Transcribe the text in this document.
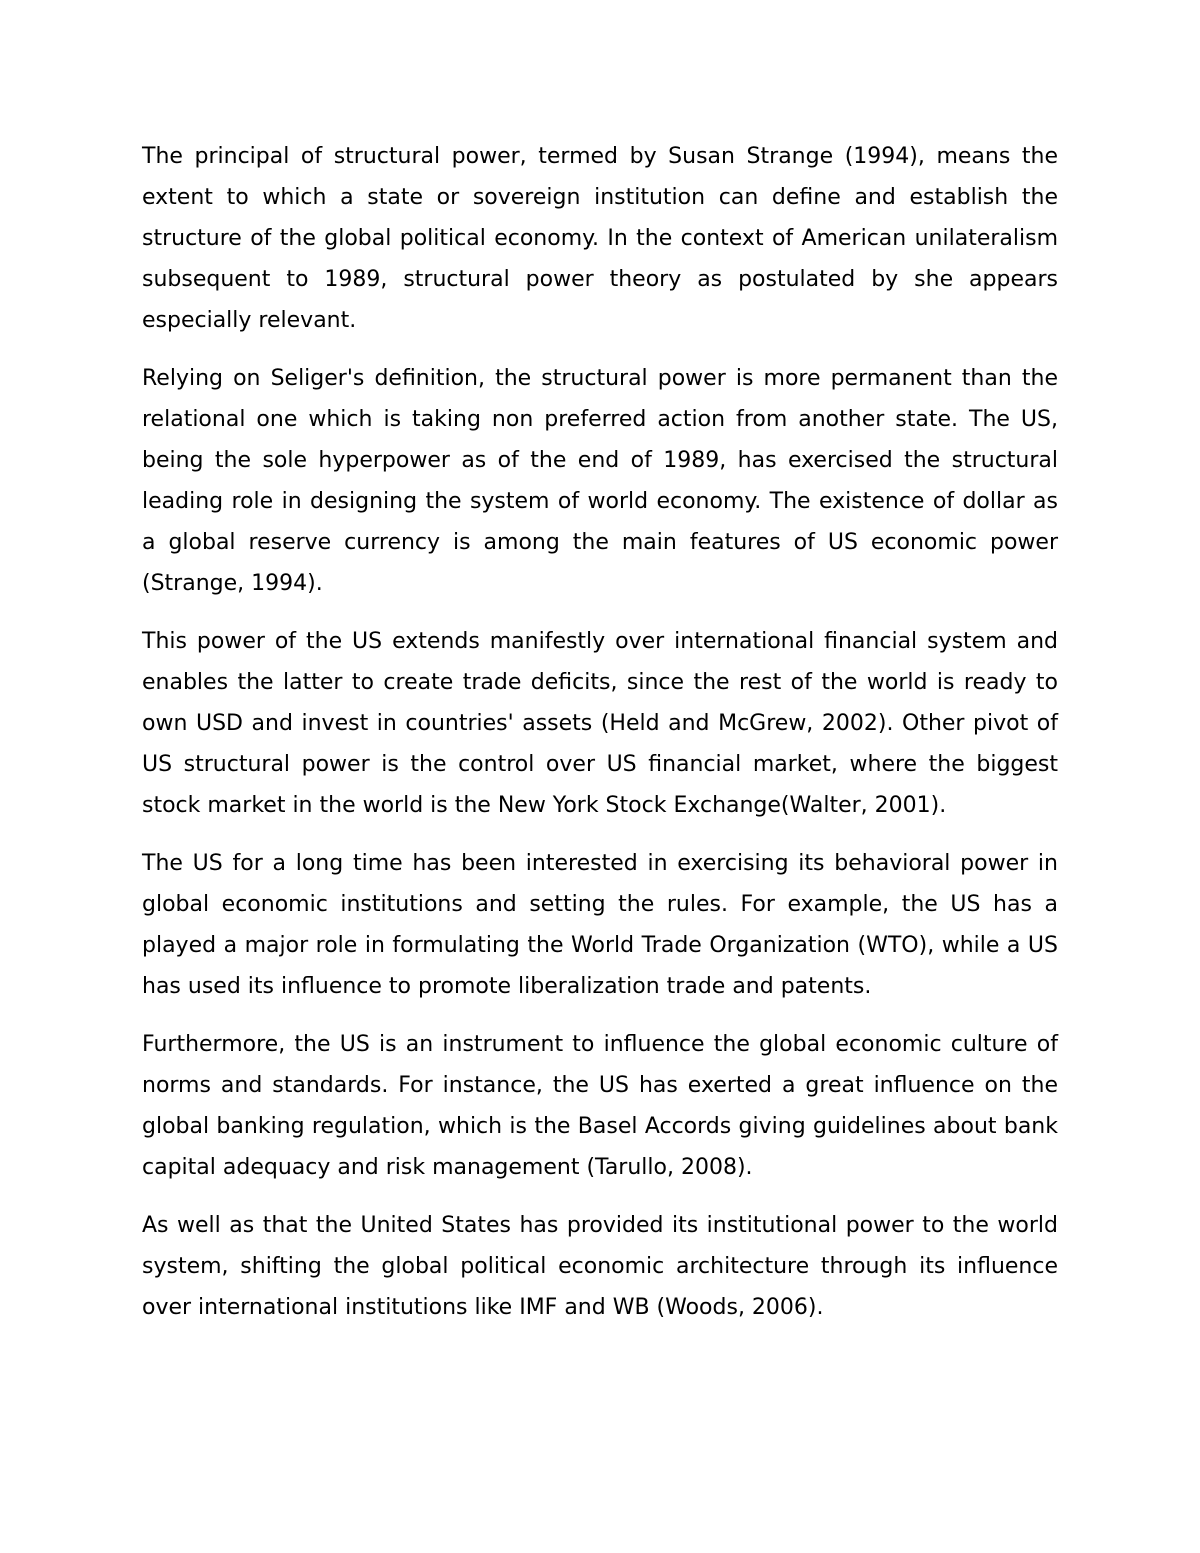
The principal of structural power, termed by Susan Strange (1994), means the extent to which a state or sovereign institution can define and establish the structure of the global political economy. In the context of American unilateralism subsequent to 1989, structural power theory as postulated by she appears especially relevant.

Relying on Seliger's definition, the structural power is more permanent than the relational one which is taking non preferred action from another state. The US, being the sole hyperpower as of the end of 1989, has exercised the structural leading role in designing the system of world economy. The existence of dollar as a global reserve currency is among the main features of US economic power (Strange, 1994).

This power of the US extends manifestly over international financial system and enables the latter to create trade deficits, since the rest of the world is ready to own USD and invest in countries' assets (Held and McGrew, 2002). Other pivot of US structural power is the control over US financial market, where the biggest stock market in the world is the New York Stock Exchange(Walter, 2001).

The US for a long time has been interested in exercising its behavioral power in global economic institutions and setting the rules. For example, the US has a played a major role in formulating the World Trade Organization (WTO), while a US has used its influence to promote liberalization trade and patents.

Furthermore, the US is an instrument to influence the global economic culture of norms and standards. For instance, the US has exerted a great influence on the global banking regulation, which is the Basel Accords giving guidelines about bank capital adequacy and risk management (Tarullo, 2008).

As well as that the United States has provided its institutional power to the world system, shifting the global political economic architecture through its influence over international institutions like IMF and WB (Woods, 2006).
